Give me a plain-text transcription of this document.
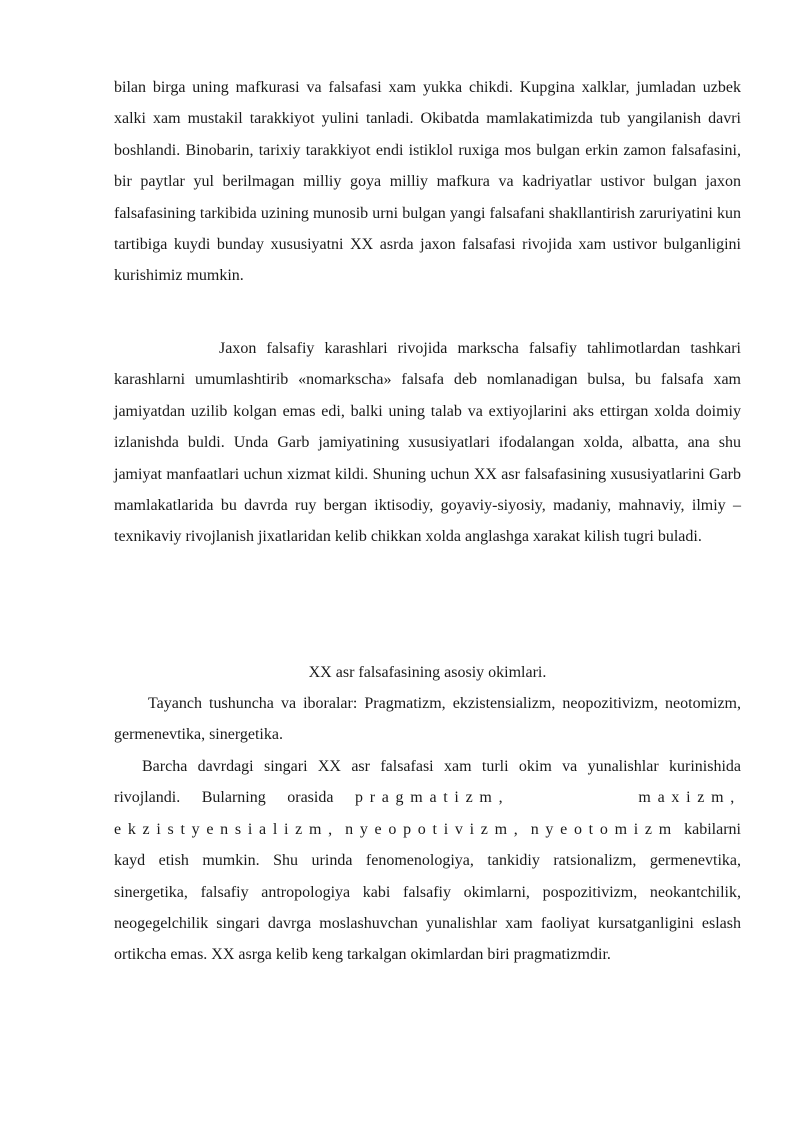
bilan birga uning mafkurasi va falsafasi xam yukka chikdi. Kupgina xalklar, jumladan uzbek xalki xam mustakil tarakkiyot yulini tanladi. Okibatda mamlakatimizda tub yangilanish davri boshlandi. Binobarin, tarixiy tarakkiyot endi istiklol ruxiga mos bulgan erkin zamon falsafasini, bir paytlar yul berilmagan milliy goya milliy mafkura va kadriyatlar ustivor bulgan jaxon falsafasining tarkibida uzining munosib urni bulgan yangi falsafani shakllantirish zaruriyatini kun tartibiga kuydi bunday xususiyatni XX asrda jaxon falsafasi rivojida xam ustivor bulganligini kurishimiz mumkin.

Jaxon falsafiy karashlari rivojida markscha falsafiy tahlimotlardan tashkari karashlarni umumlashtirib «nomarkscha» falsafa deb nomlanadigan bulsa, bu falsafa xam jamiyatdan uzilib kolgan emas edi, balki uning talab va extiyojlarini aks ettirgan xolda doimiy izlanishda buldi. Unda Garb jamiyatining xususiyatlari ifodalangan xolda, albatta, ana shu jamiyat manfaatlari uchun xizmat kildi. Shuning uchun XX asr falsafasining xususiyatlarini Garb mamlakatlarida bu davrda ruy bergan iktisodiy, goyaviy-siyosiy, madaniy, mahnaviy, ilmiy – texnikaviy rivojlanish jixatlaridan kelib chikkan xolda anglashga xarakat kilish tugri buladi.

XX asr falsafasining asosiy okimlari.

Tayanch tushuncha va iboralar: Pragmatizm, ekzistensializm, neopozitivizm, neotomizm, germenevtika, sinergetika.

Barcha davrdagi singari XX asr falsafasi xam turli okim va yunalishlar kurinishida rivojlandi. Bularning orasida pragmatizm,	maxizm, ekzistyensializm, nyeopotivizm, nyeotomizm kabilarni kayd etish mumkin. Shu urinda fenomenologiya, tankidiy ratsionalizm, germenevtika, sinergetika, falsafiy antropologiya kabi falsafiy okimlarni, pospozitivizm, neokantchilik, neogegelchilik singari davrga moslashuvchan yunalishlar xam faoliyat kursatganligini eslash ortikcha emas. XX asrga kelib keng tarkalgan okimlardan biri pragmatizmdir.
